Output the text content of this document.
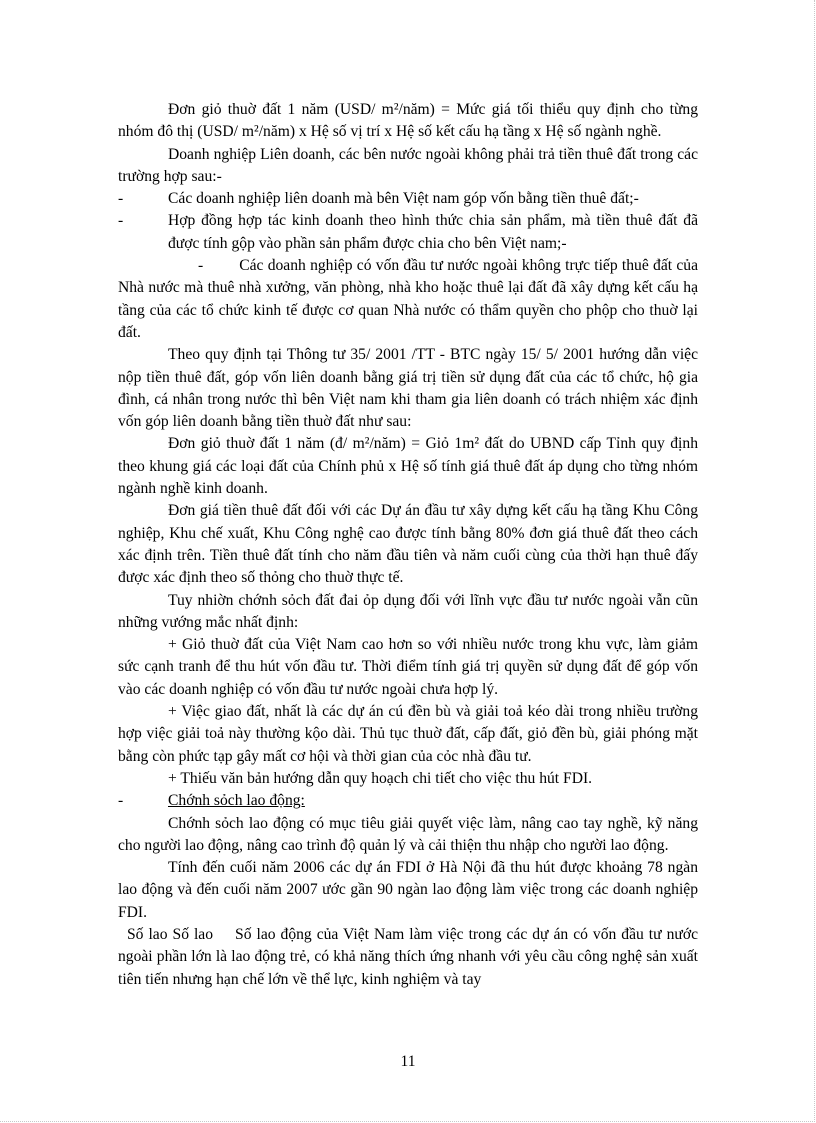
Đơn giỏ thuờ đất 1 năm (USD/ m²/năm) = Mức giá tối thiểu quy định cho từng nhóm đô thị (USD/ m²/năm) x Hệ số vị trí x Hệ số kết cấu hạ tầng x Hệ số ngành nghề.

Doanh nghiệp Liên doanh, các bên nước ngoài không phải trả tiền thuê đất trong các trường hợp sau:-

-	Các doanh nghiệp liên doanh mà bên Việt nam góp vốn bằng tiền thuê đất;-
-	Hợp đồng hợp tác kinh doanh theo hình thức chia sản phẩm, mà tiền thuê đất đã được tính gộp vào phần sản phẩm được chia cho bên Việt nam;-

- Các doanh nghiệp có vốn đầu tư nước ngoài không trực tiếp thuê đất của Nhà nước mà thuê nhà xưởng, văn phòng, nhà kho hoặc thuê lại đất đã xây dựng kết cấu hạ tầng của các tổ chức kinh tế được cơ quan Nhà nước có thẩm quyền cho phộp cho thuờ lại đất.

Theo quy định tại Thông tư 35/ 2001 /TT - BTC ngày 15/ 5/ 2001 hướng dẫn việc nộp tiền thuê đất, góp vốn liên doanh bằng giá trị tiền sử dụng đất của các tổ chức, hộ gia đình, cá nhân trong nước thì bên Việt nam khi tham gia liên doanh có trách nhiệm xác định vốn góp liên doanh bằng tiền thuờ đất như sau:

Đơn giỏ thuờ đất 1 năm (đ/ m²/năm) = Giỏ 1m² đất do UBND cấp Tỉnh quy định theo khung giá các loại đất của Chính phủ x Hệ số tính giá thuê đất áp dụng cho từng nhóm ngành nghề kinh doanh.

Đơn giá tiền thuê đất đối với các Dự án đầu tư xây dựng kết cấu hạ tầng Khu Công nghiệp, Khu chế xuất, Khu Công nghệ cao được tính bằng 80% đơn giá thuê đất theo cách xác định trên. Tiền thuê đất tính cho năm đầu tiên và năm cuối cùng của thời hạn thuê đấy được xác định theo số thỏng cho thuờ thực tế.

Tuy nhiờn chớnh sỏch đất đai ỏp dụng đối với lĩnh vực đầu tư nước ngoài vẫn cũn những vướng mắc nhất định:

+ Giỏ thuờ đất của Việt Nam cao hơn so với nhiều nước trong khu vực, làm giảm sức cạnh tranh để thu hút vốn đầu tư. Thời điểm tính giá trị quyền sử dụng đất để góp vốn vào các doanh nghiệp có vốn đầu tư nước ngoài chưa hợp lý.

+ Việc giao đất, nhất là các dự án cú đền bù và giải toả kéo dài trong nhiều trường hợp việc giải toả này thường kộo dài. Thủ tục thuờ đất, cấp đất, giỏ đền bù, giải phóng mặt bằng còn phức tạp gây mất cơ hội và thời gian của cỏc nhà đầu tư.

+ Thiếu văn bản hướng dẫn quy hoạch chi tiết cho việc thu hút FDI.

-	Chớnh sỏch lao động:

Chớnh sỏch lao động có mục tiêu giải quyết việc làm, nâng cao tay nghề, kỹ năng cho người lao động, nâng cao trình độ quản lý và cải thiện thu nhập cho người lao động.

Tính đến cuối năm 2006 các dự án FDI ở Hà Nội đã thu hút được khoảng 78 ngàn lao động và đến cuối năm 2007 ước gần 90 ngàn lao động làm việc trong các doanh nghiệp FDI.

Số lao Số lao Số lao động của Việt Nam làm việc trong các dự án có vốn đầu tư nước ngoài phần lớn là lao động trẻ, có khả năng thích ứng nhanh với yêu cầu công nghệ sản xuất tiên tiến nhưng hạn chế lớn về thể lực, kinh nghiệm và tay

11
